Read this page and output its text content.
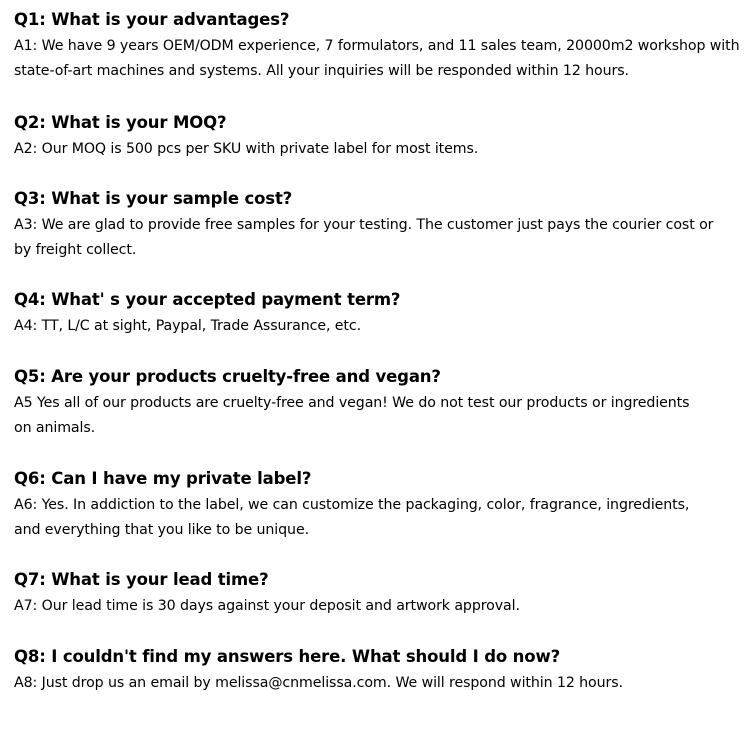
Q1: What is your advantages?

A1: We have 9 years OEM/ODM experience, 7 formulators, and 11 sales team, 20000m2 workshop with
state-of-art machines and systems. All your inquiries will be responded within 12 hours.

Q2: What is your MOQ?

A2: Our MOQ is 500 pcs per SKU with private label for most items.

Q3: What is your sample cost?

A3: We are glad to provide free samples for your testing. The customer just pays the courier cost or
by freight collect.

Q4: What' s your accepted payment term?

A4: TT, L/C at sight, Paypal, Trade Assurance, etc.

Q5: Are your products cruelty-free and vegan?

A5 Yes all of our products are cruelty-free and vegan! We do not test our products or ingredients
on animals.

Q6: Can I have my private label?

A6: Yes. In addiction to the label, we can customize the packaging, color, fragrance, ingredients,
and everything that you like to be unique.

Q7: What is your lead time?

A7: Our lead time is 30 days against your deposit and artwork approval.

Q8: I couldn't find my answers here. What should I do now?

A8: Just drop us an email by melissa@cnmelissa.com. We will respond within 12 hours.
